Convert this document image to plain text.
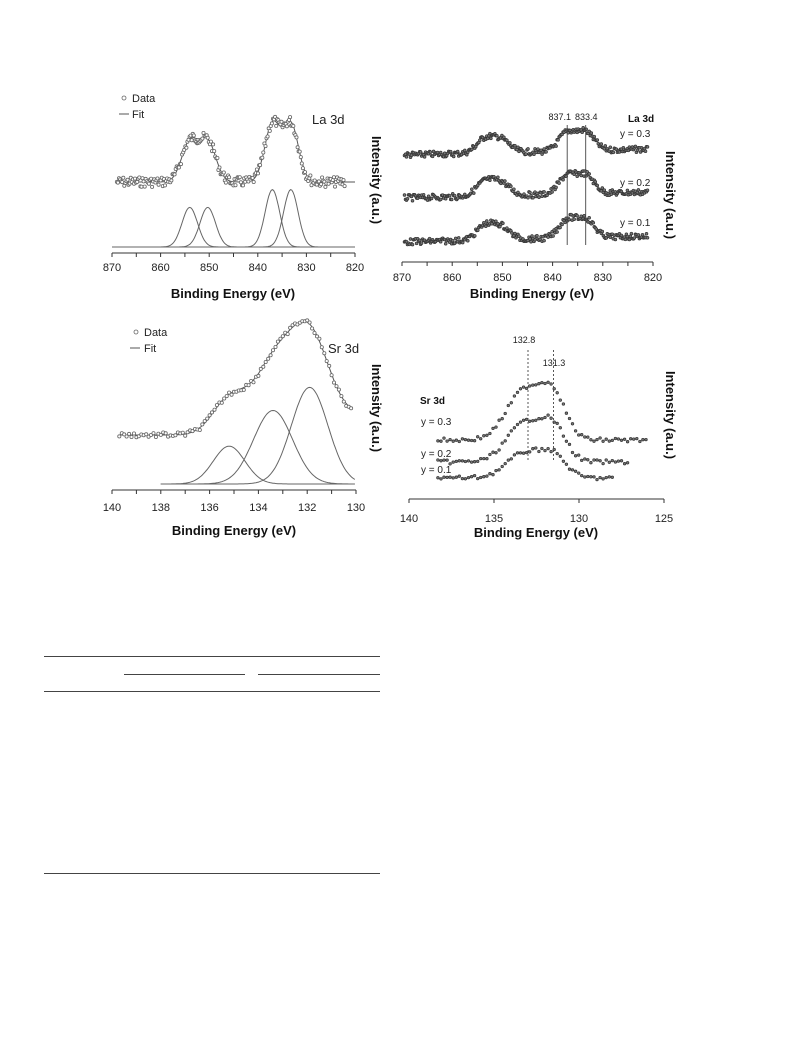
870	860	850	840	830	820
Binding Energy (eV)
Intensity (a.u.)
La 3d
Data
Fit
870	860	850	840	830	820
Binding Energy (eV)
Intensity (a.u.)
La 3d
y = 0.3
y = 0.2
y = 0.1
837.1 833.4
140	138	136	134	132	130
Binding Energy (eV)
Intensity (a.u.)
Sr 3d
Data
Fit
140	135	130	125
Binding Energy (eV)
Intensity (a.u.)
Sr 3d
y = 0.3
y = 0.2
y = 0.1
132.8
131.3
